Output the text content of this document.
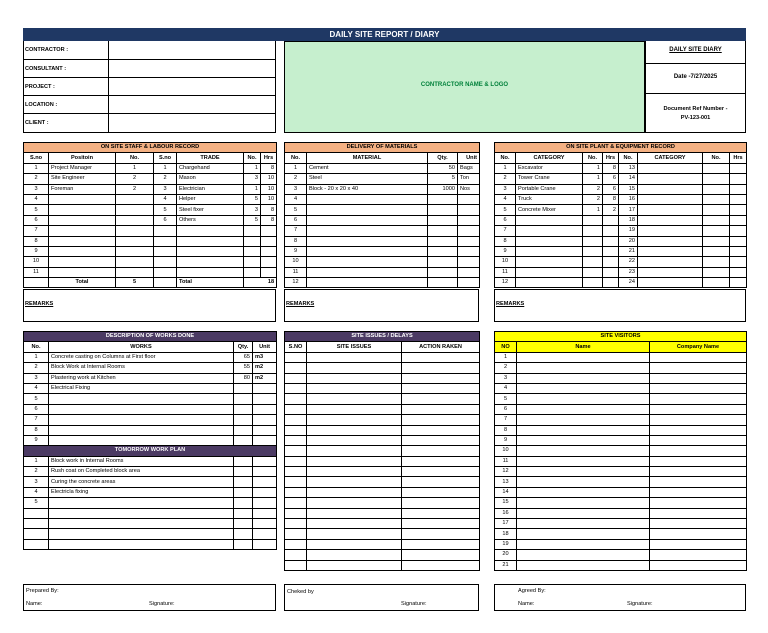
DAILY SITE REPORT / DIARY
CONTRACTOR :
CONSULTANT :
PROJECT :
LOCATION :
CLIENT :
CONTRACTOR NAME & LOGO
DAILY SITE DIARY
Date -7/27/2025
Document Ref Number -
PV-123-001
ON SITE STAFF & LABOUR RECORD						
S.no	Positoin	No.	S.no	TRADE	No.	Hrs
1	Project Manager	1	1	Chargehand	1	8
2	Site Engineer	2	2	Mason	3	10
3	Foreman	2	3	Electrician	1	10
4			4	Helper	5	10
5			5	Steel fixer	3	8
6			6	Others	5	8
7						
8						
9						
10						
11						
	Total	5		Total	18	
DELIVERY OF MATERIALS			
No.	MATERIAL	Qty.	Unit
1	Cement	50	Bags
2	Steel	5	Ton
3	Block - 20 x 20 x 40	1000	Nos
4			
5			
6			
7			
8			
9			
10			
11			
12			
ON SITE PLANT & EQUIPMENT RECORD							
No.	CATEGORY	No.	Hrs	No.	CATEGORY	No.	Hrs
1	Excavator	1	8	13			
2	Tower Crane	1	6	14			
3	Portable Crane	2	6	15			
4	Truck	2	8	16			
5	Concrete Mixer	1	2	17			
6				18			
7				19			
8				20			
9				21			
10				22			
11				23			
12				24			
REMARKS	REMARKS	REMARKS
DESCRIPTION OF WORKS DONE			
No.	WORKS	Qty.	Unit
1	Concrete casting on Columns at First floor	65	m3
2	Block Work at Internal Rooms	55	m2
3	Plastering work at Kitchen	80	m2
4	Electrical Fixing		
5			
6			
7			
8			
9			
TOMORROW WORK PLAN			
1	Block work in Internal Rooms		
2	Rush coat on Completed block area		
3	Curing the concrete areas		
4	Electricla fixing		
5			

SITE ISSUES / DELAYS		
S.NO	SITE ISSUES	ACTION RAKEN

SITE VISITORS		
NO	Name	Company Name
1		
2		
3		
4		
5		
6		
7		
8		
9		
10		
11		
12		
13		
14		
15		
16		
17		
18		
19		
20		
21		
Prepared By:
Name:	Signature:
Cheked by
Signature:
Agreed By:
Name:	Signature:
